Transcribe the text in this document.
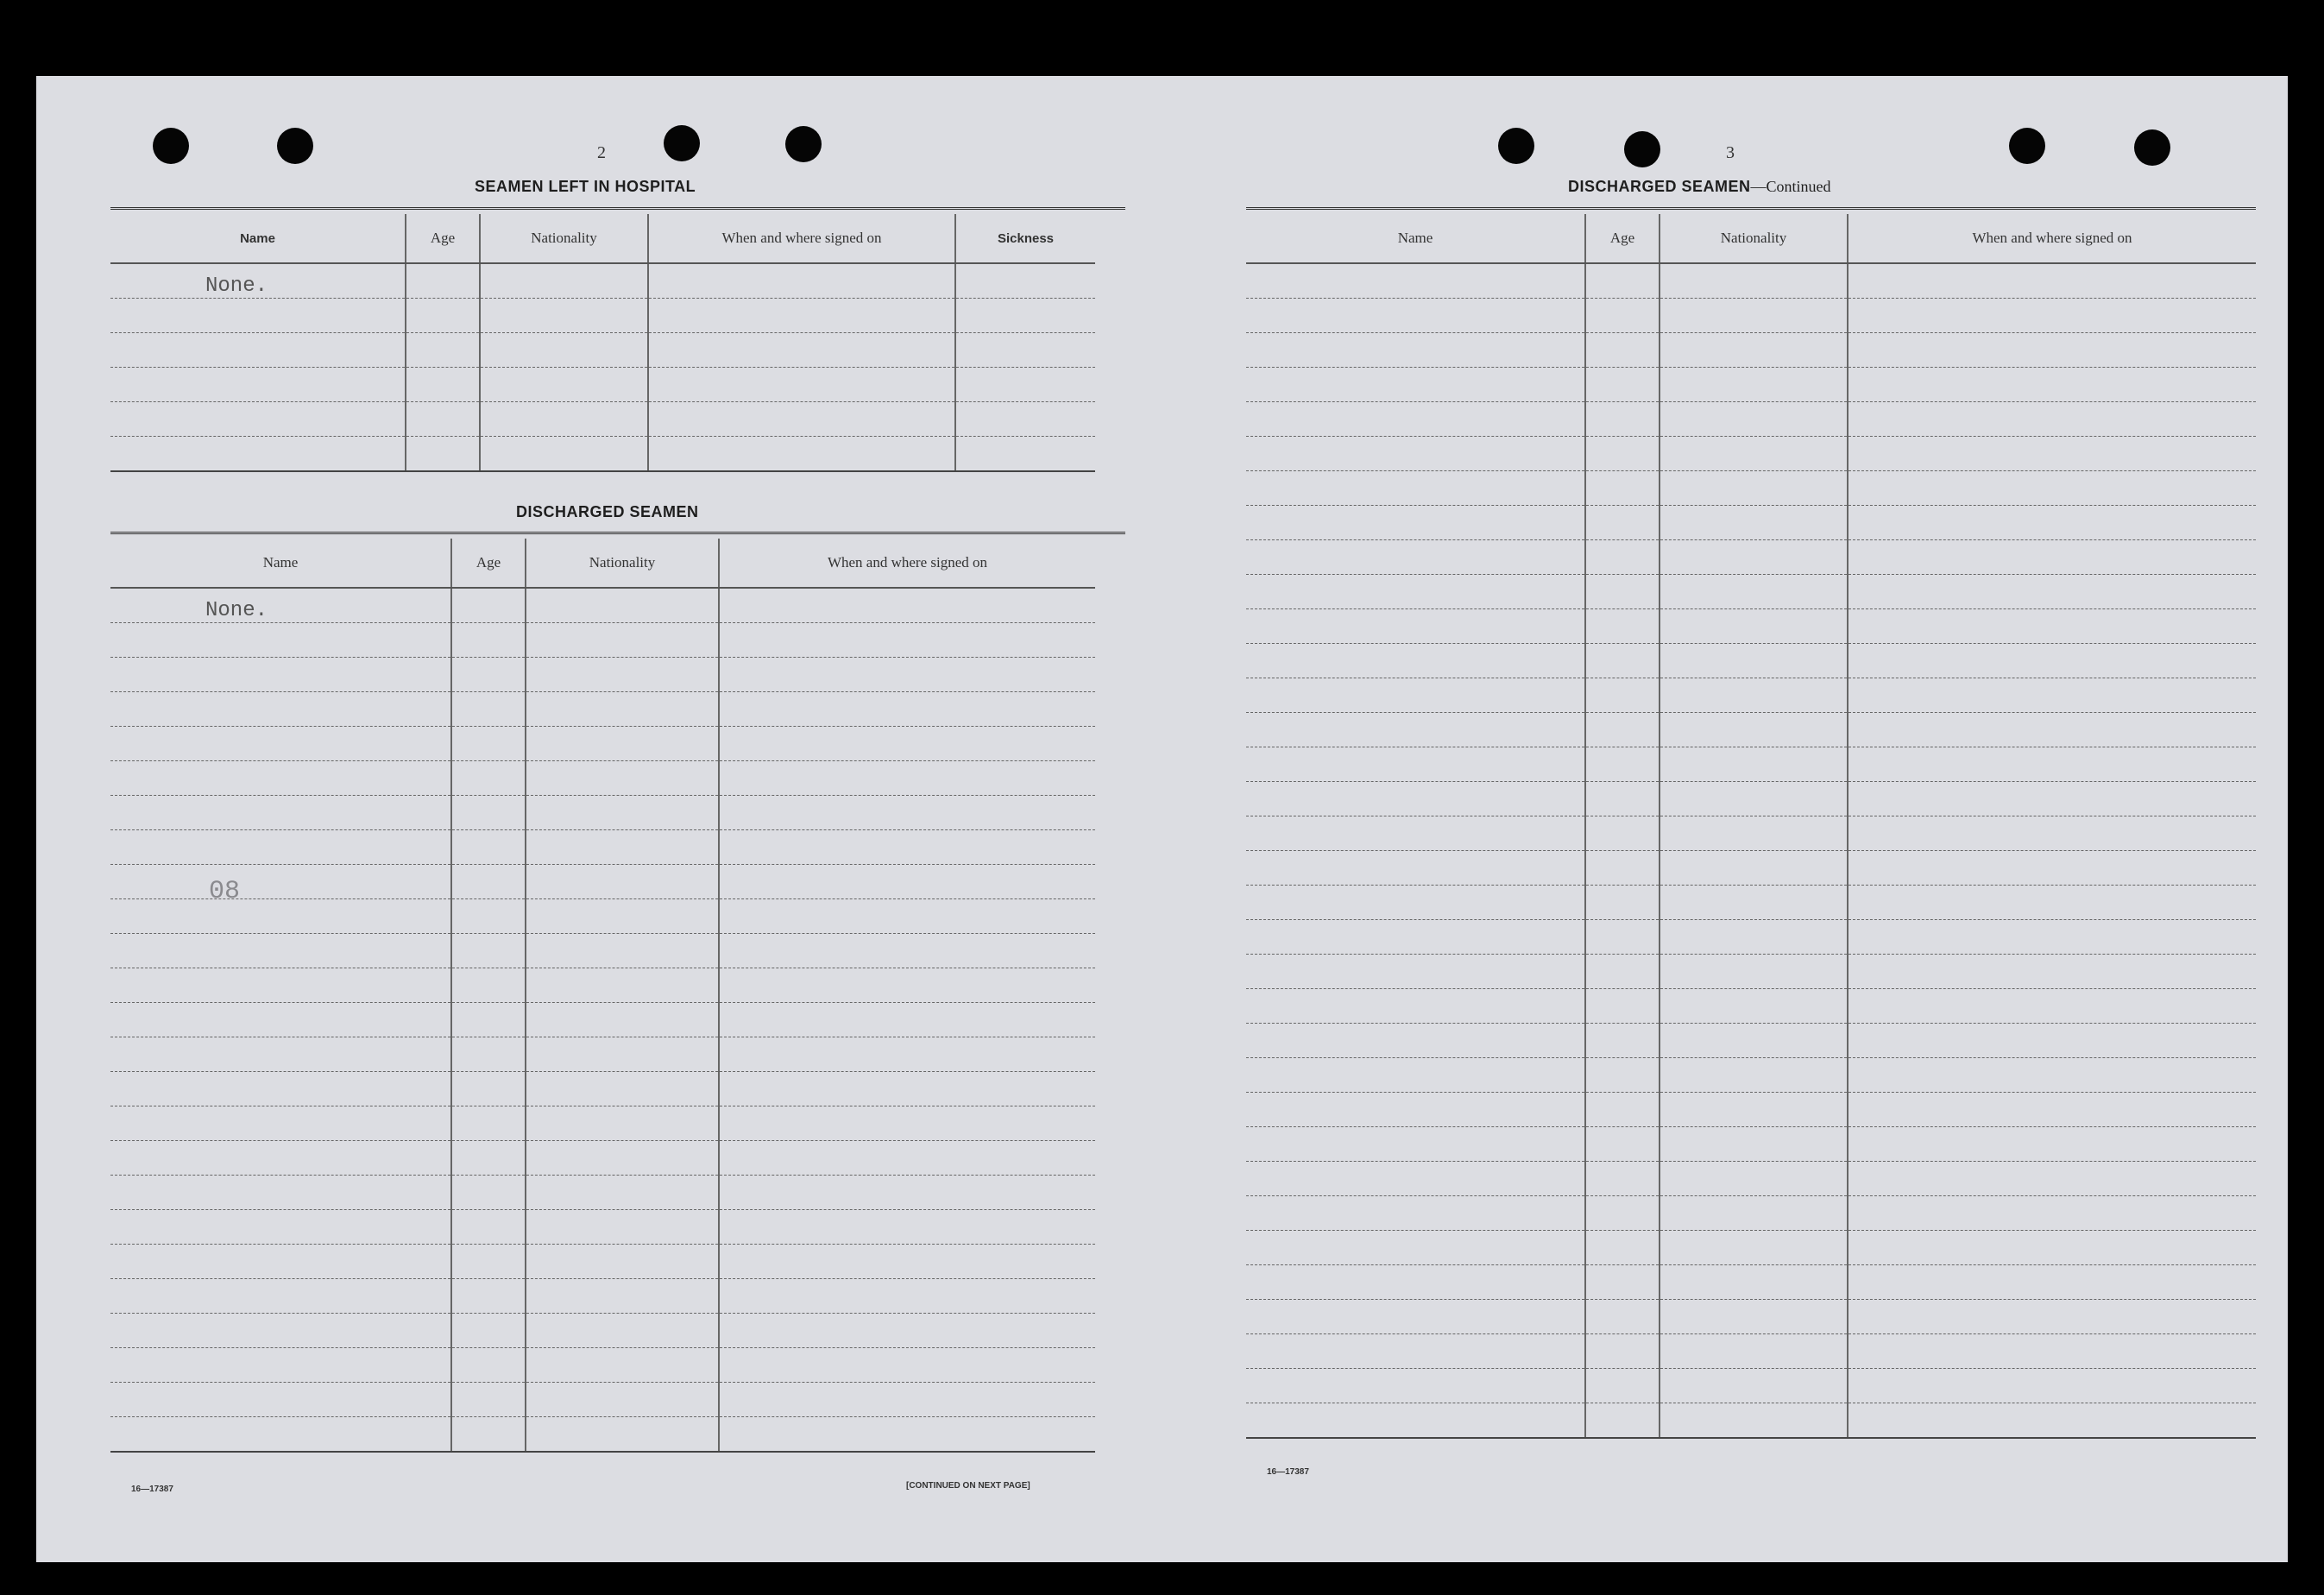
2
SEAMEN LEFT IN HOSPITAL
Name	Age	Nationality	When and where signed on	Sickness
None.				

DISCHARGED SEAMEN
Name	Age	Nationality	When and where signed on
None.			

08
16—17387	[CONTINUED ON NEXT PAGE]
3
DISCHARGED SEAMEN—Continued
Name	Age	Nationality	When and where signed on

16—17387
